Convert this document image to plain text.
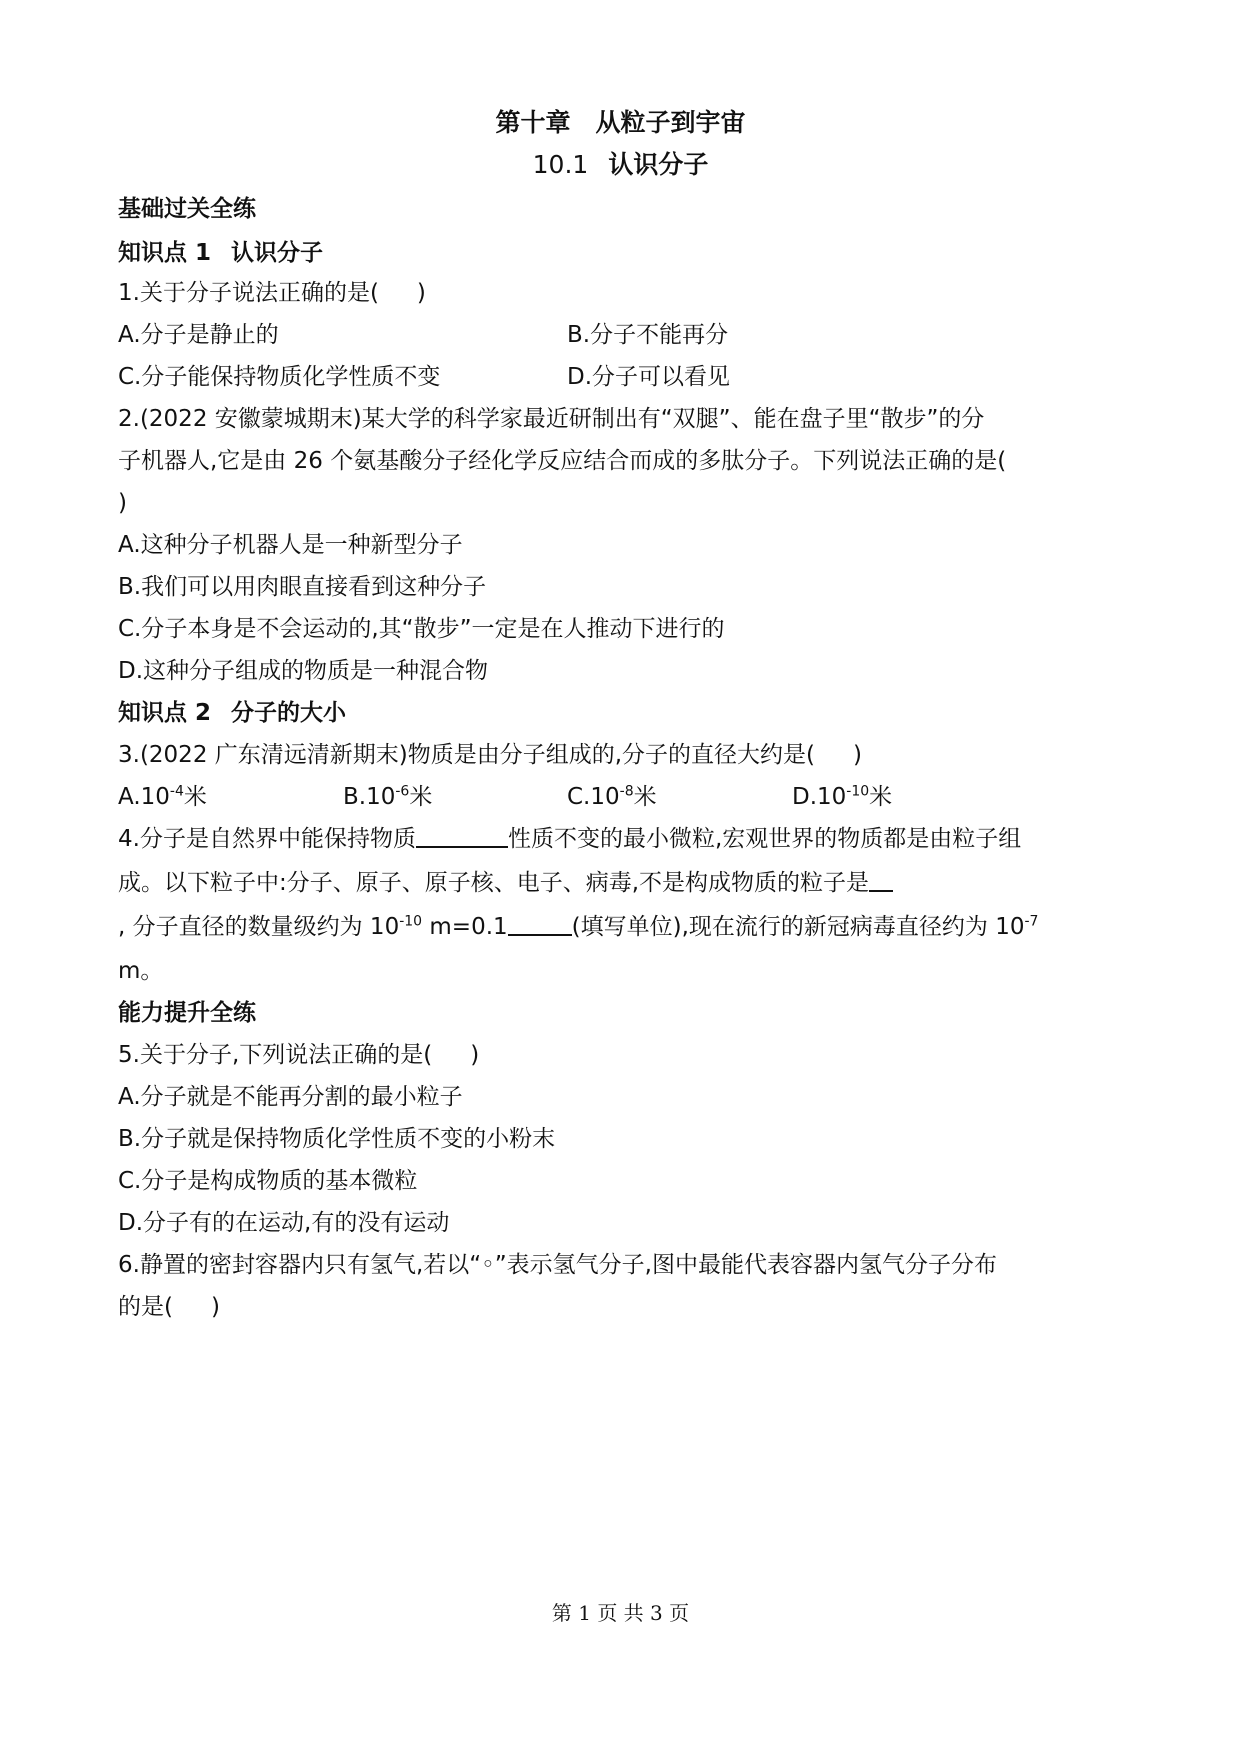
第十章　从粒子到宇宙
10.1 认识分子
基础过关全练
知识点 1 认识分子
1.关于分子说法正确的是( )
A.分子是静止的	B.分子不能再分
C.分子能保持物质化学性质不变	D.分子可以看见
2.(2022 安徽蒙城期末)某大学的科学家最近研制出有“双腿”、能在盘子里“散步”的分
子机器人,它是由 26 个氨基酸分子经化学反应结合而成的多肽分子。下列说法正确的是(
)
A.这种分子机器人是一种新型分子
B.我们可以用肉眼直接看到这种分子
C.分子本身是不会运动的,其“散步”一定是在人推动下进行的
D.这种分子组成的物质是一种混合物
知识点 2 分子的大小
3.(2022 广东清远清新期末)物质是由分子组成的,分子的直径大约是( )
$A.10^{-4}$米	$B.10^{-6}$米	$C.10^{-8}$米	$D.10^{-10}$米
4.分子是自然界中能保持物质	性质不变的最小微粒,宏观世界的物质都是由粒子组
成。以下粒子中:分子、原子、原子核、电子、病毒,不是构成物质的粒子是
, 分子直径的数量级约为 $10^{-10}$ m=0.1	(填写单位),现在流行的新冠病毒直径约为 $10^{-7}$
m。
能力提升全练
5.关于分子,下列说法正确的是( )
A.分子就是不能再分割的最小粒子
B.分子就是保持物质化学性质不变的小粉末
C.分子是构成物质的基本微粒
D.分子有的在运动,有的没有运动
6.静置的密封容器内只有氢气,若以“◦”表示氢气分子,图中最能代表容器内氢气分子分布
的是( )
第 1 页 共 3 页
